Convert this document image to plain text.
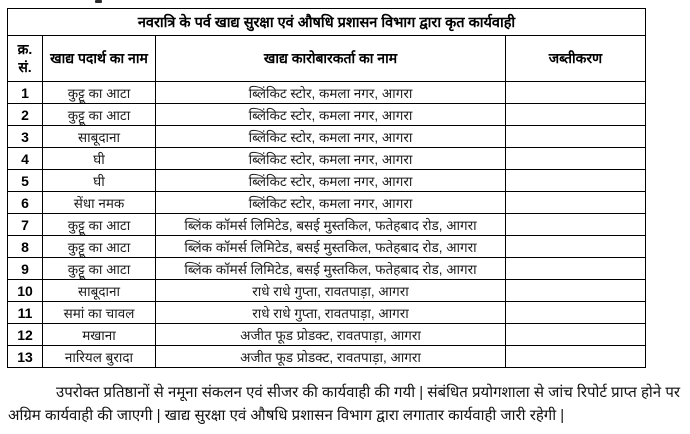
नवरात्रि के पर्व खाद्य सुरक्षा एवं औषधि प्रशासन विभाग द्वारा कृत कार्यवाही			
क्र. सं.	खाद्य पदार्थ का नाम	खाद्य कारोबारकर्ता का नाम	जब्तीकरण
1	कुट्टू का आटा	ब्लिंकिट स्टोर, कमला नगर, आगरा	
2	कुट्टू का आटा	ब्लिंकिट स्टोर, कमला नगर, आगरा	
3	साबूदाना	ब्लिंकिट स्टोर, कमला नगर, आगरा	
4	घी	ब्लिंकिट स्टोर, कमला नगर, आगरा	
5	घी	ब्लिंकिट स्टोर, कमला नगर, आगरा	
6	सेंधा नमक	ब्लिंकिट स्टोर, कमला नगर, आगरा	
7	कुट्टू का आटा	ब्लिंक कॉमर्स लिमिटेड, बसई मुस्तकिल, फतेहबाद रोड, आगरा	
8	कुट्टू का आटा	ब्लिंक कॉमर्स लिमिटेड, बसई मुस्तकिल, फतेहबाद रोड, आगरा	
9	कुट्टू का आटा	ब्लिंक कॉमर्स लिमिटेड, बसई मुस्तकिल, फतेहबाद रोड, आगरा	
10	साबूदाना	राधे राधे गुप्ता, रावतपाड़ा, आगरा	
11	समां का चावल	राधे राधे गुप्ता, रावतपाड़ा, आगरा	
12	मखाना	अजीत फूड प्रोडक्ट, रावतपाड़ा, आगरा	
13	नारियल बुरादा	अजीत फूड प्रोडक्ट, रावतपाड़ा, आगरा	
उपरोक्त प्रतिष्ठानों से नमूना संकलन एवं सीजर की कार्यवाही की गयी | संबंधित प्रयोगशाला से जांच रिपोर्ट प्राप्त होने पर अग्रिम कार्यवाही की जाएगी | खाद्य सुरक्षा एवं औषधि प्रशासन विभाग द्वारा लगातार कार्यवाही जारी रहेगी |
